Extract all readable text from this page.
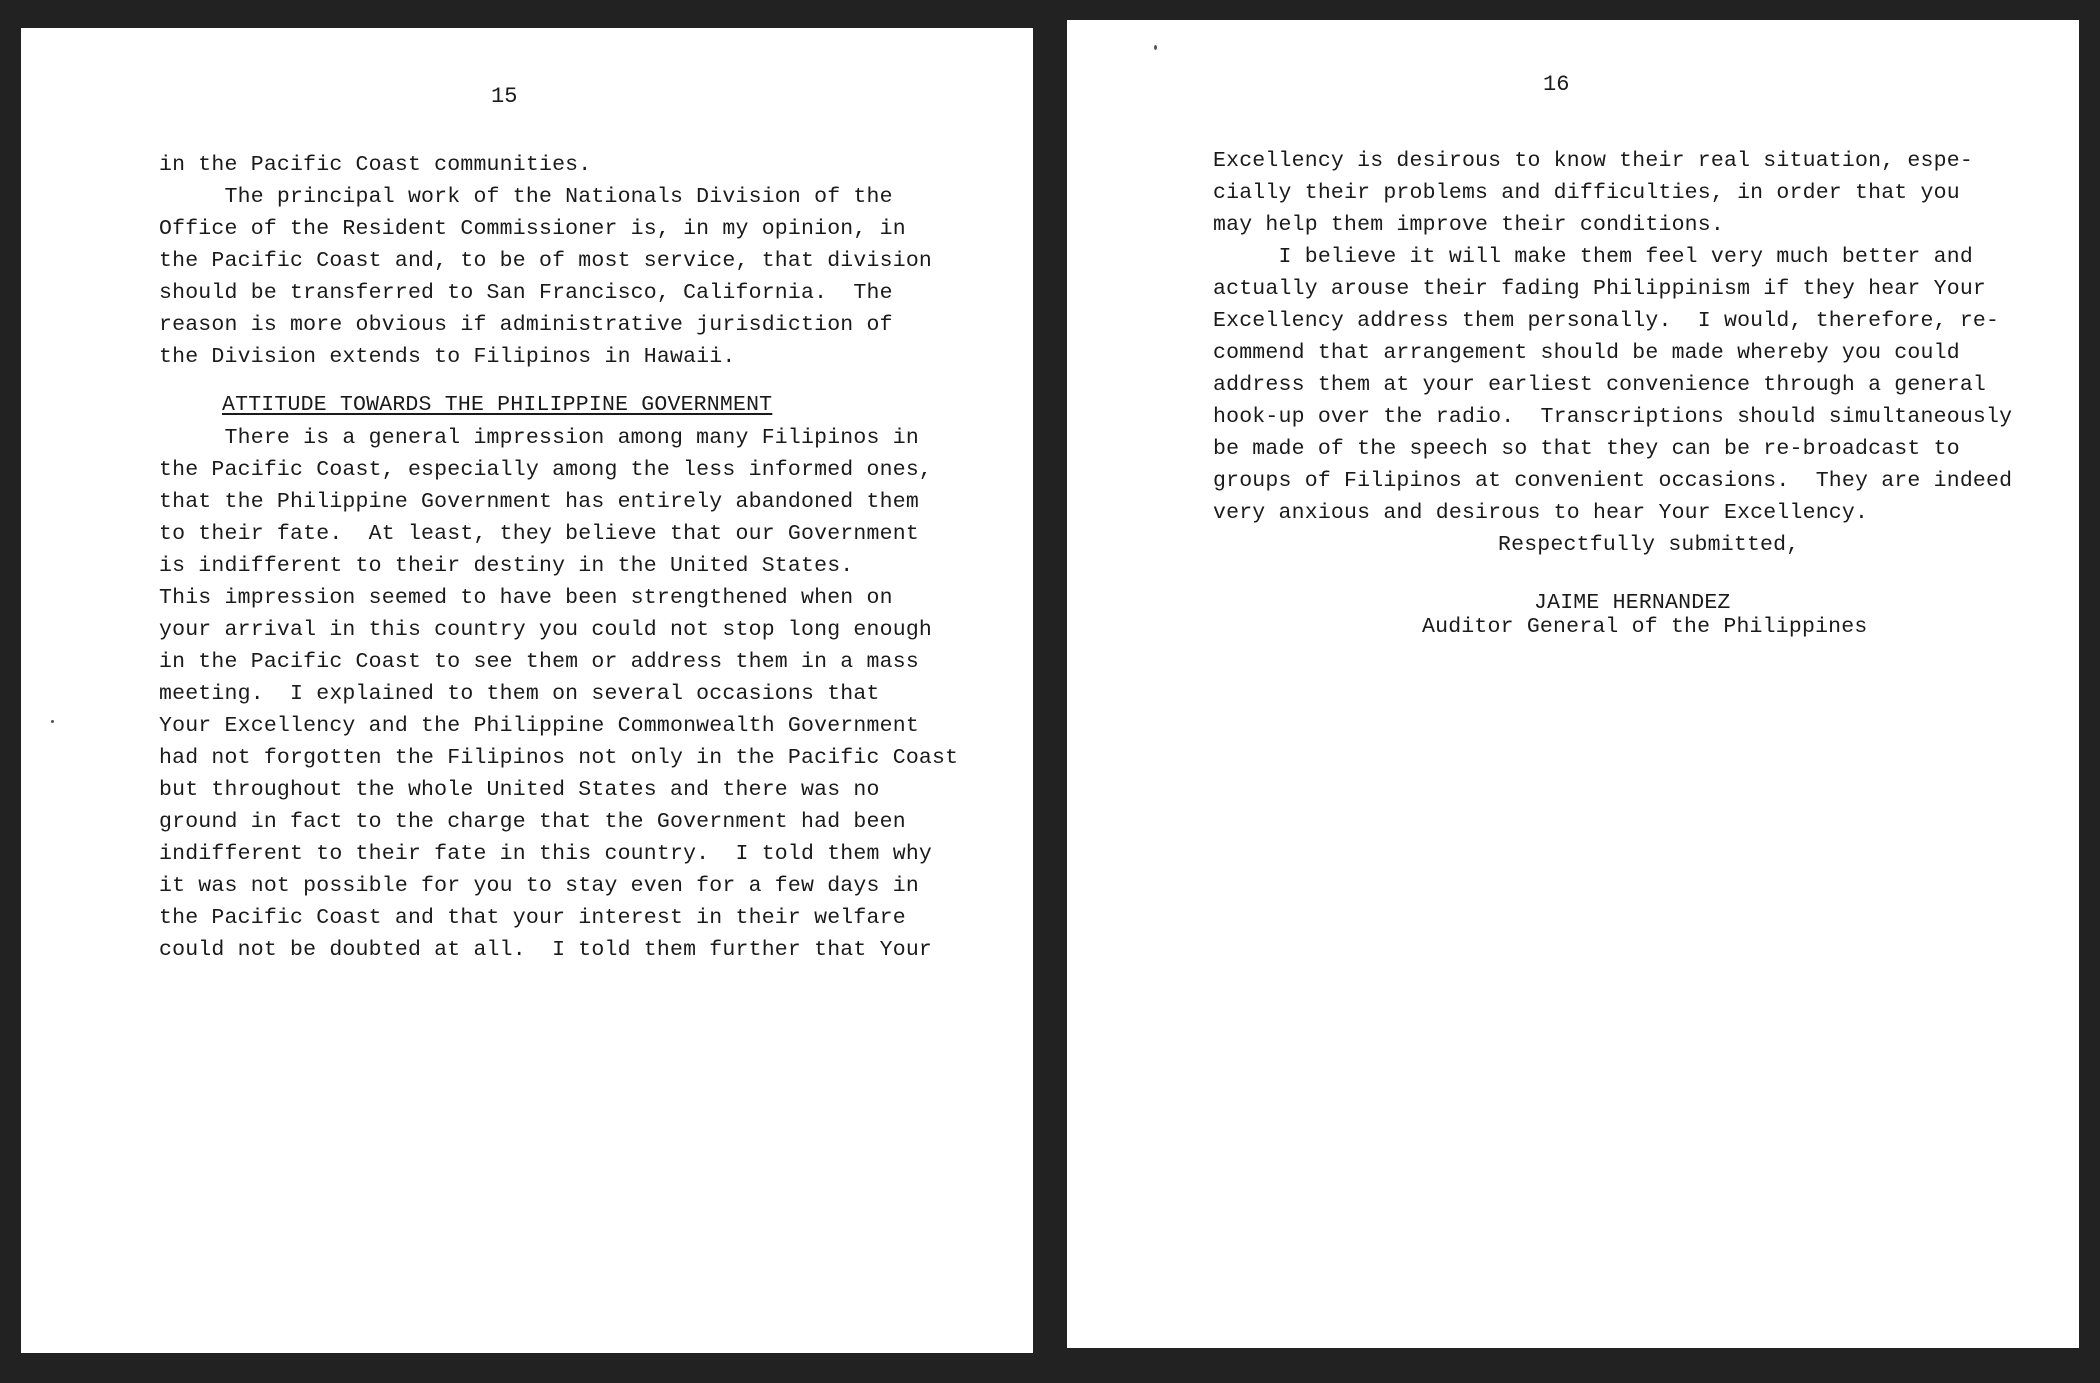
15
in the Pacific Coast communities.
The principal work of the Nationals Division of the
Office of the Resident Commissioner is, in my opinion, in
the Pacific Coast and, to be of most service, that division
should be transferred to San Francisco, California.  The
reason is more obvious if administrative jurisdiction of
the Division extends to Filipinos in Hawaii.
ATTITUDE TOWARDS THE PHILIPPINE GOVERNMENT
There is a general impression among many Filipinos in
the Pacific Coast, especially among the less informed ones,
that the Philippine Government has entirely abandoned them
to their fate.  At least, they believe that our Government
is indifferent to their destiny in the United States.
This impression seemed to have been strengthened when on
your arrival in this country you could not stop long enough
in the Pacific Coast to see them or address them in a mass
meeting.  I explained to them on several occasions that
Your Excellency and the Philippine Commonwealth Government
had not forgotten the Filipinos not only in the Pacific Coast
but throughout the whole United States and there was no
ground in fact to the charge that the Government had been
indifferent to their fate in this country.  I told them why
it was not possible for you to stay even for a few days in
the Pacific Coast and that your interest in their welfare
could not be doubted at all.  I told them further that Your
16
Excellency is desirous to know their real situation, espe-
cially their problems and difficulties, in order that you
may help them improve their conditions.
I believe it will make them feel very much better and
actually arouse their fading Philippinism if they hear Your
Excellency address them personally.  I would, therefore, re-
commend that arrangement should be made whereby you could
address them at your earliest convenience through a general
hook-up over the radio.  Transcriptions should simultaneously
be made of the speech so that they can be re-broadcast to
groups of Filipinos at convenient occasions.  They are indeed
very anxious and desirous to hear Your Excellency.
Respectfully submitted,
JAIME HERNANDEZ
Auditor General of the Philippines
